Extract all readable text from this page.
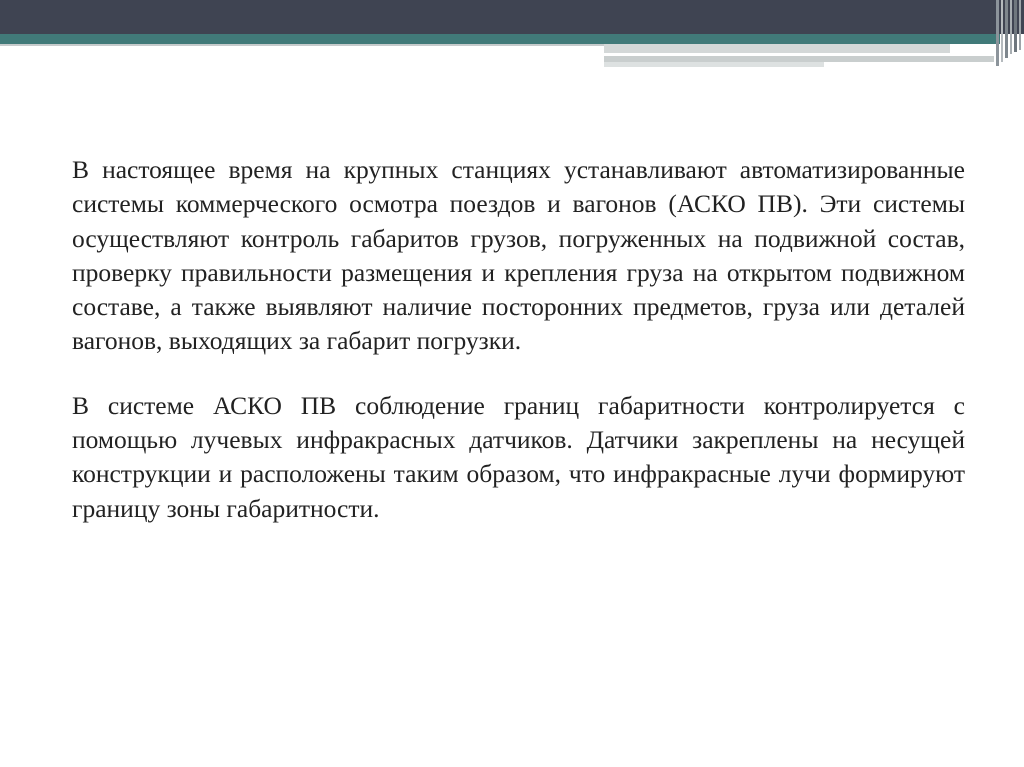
В настоящее время на крупных станциях устанавливают автоматизированные системы коммерческого осмотра поездов и вагонов (АСКО ПВ). Эти системы осуществляют контроль габаритов грузов, погруженных на подвижной состав, проверку правильности размещения и крепления груза на открытом подвижном составе, а также выявляют наличие посторонних предметов, груза или деталей вагонов, выходящих за габарит погрузки.

В системе АСКО ПВ соблюдение границ габаритности контролируется с помощью лучевых инфракрасных датчиков. Датчики закреплены на несущей конструкции и расположены таким образом, что инфракрасные лучи формируют границу зоны габаритности.
